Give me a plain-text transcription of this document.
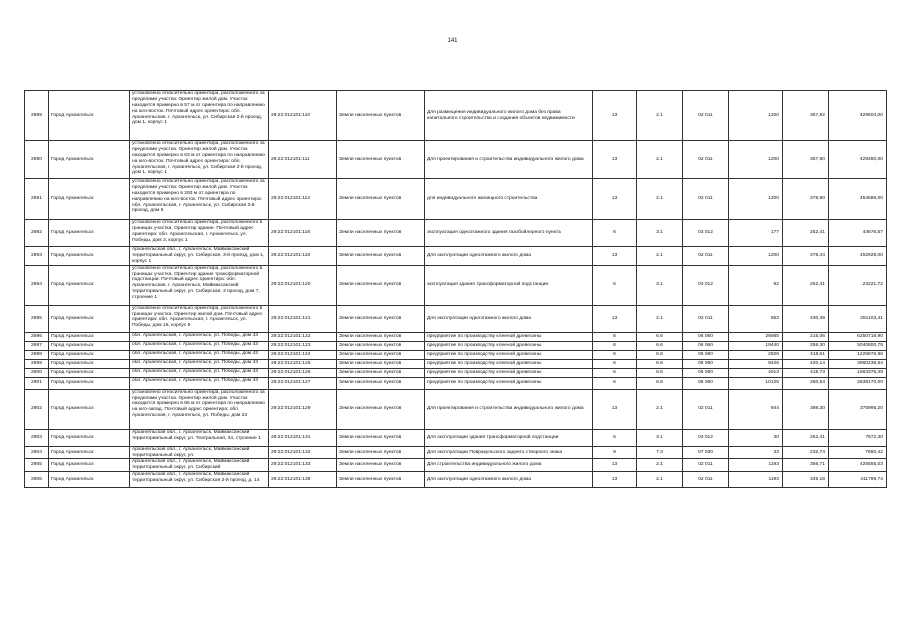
141
2889	Город Архангельск	установлено относительно ориентира, расположенного за пределами участка. Ориентир жилой дом. Участок находится примерно в 57 м от ориентира по направлению на юго-восток. Почтовый адрес ориентира: обл. Архангельская, г. Архангельск, ул. Сибирская 2-й проезд, дом 1, корпус 1	29:22:012101:110	Земли населенных пунктов	Для размещения индивидуального жилого дома без права капитального строительства и создания объектов недвижимости	13	2.1	02 011	1200	357,92	429504,00
2890	Город Архангельск	установлено относительно ориентира, расположенного за пределами участка. Ориентир жилой дом. Участок находится примерно в 63 м от ориентира по направлению на юго-восток. Почтовый адрес ориентира: обл. Архангельская, г. Архангельск, ул. Сибирская 2-й проезд, дом 1, корпус 1	29:22:012101:111	Земли населенных пунктов	Для проектирования и строительства индивидуального жилого дома	13	2.1	02 011	1200	357,90	429480,00
2891	Город Архангельск	установлено относительно ориентира, расположенного за пределами участка. Ориентир жилой дом. Участок находится примерно в 293 м от ориентира по направлению на юго-восток. Почтовый адрес ориентира: обл. Архангельская, г. Архангельск, ул. Сибирская 3-й проезд, дом 5	29:22:012101:112	Земли населенных пунктов	для индивидуального жилищного строительства	13	2.1	02 011	1200	378,90	454686,00
2892	Город Архангельск	установлено относительно ориентира, расположенного в границах участка. Ориентир здание. Почтовый адрес ориентира: обл. Архангельская, г. Архангельск, ул. Победы, дом 3, корпус 1	29:22:012101:116	Земли населенных пунктов	эксплуатация одноэтажного здания газобойлерного пункта	6	3.1	03 012	177	252,41	44676,57
2893	Город Архангельск	Архангельская обл., г. Архангельск, Маймаксанский территориальный округ, ул. Сибирская, 3-й проезд, дом 1, корпус 1	29:22:012101:118	Земли населенных пунктов	Для эксплуатации одноэтажного жилого дома	13	2.1	02 011	1200	378,44	452928,00
2894	Город Архангельск	установлено относительно ориентира, расположенного в границах участка. Ориентир здание трансформаторной подстанции. Почтовый адрес ориентира: обл. Архангельская, г. Архангельск, Маймаксанский территориальный округ, ул. Сибирская, 3 проезд, дом 7, строение 1	29:22:012101:120	Земли населенных пунктов	эксплуатация здания трансформаторной подстанции	6	3.1	03 012	92	252,41	23221,72
2895	Город Архангельск	установлено относительно ориентира, расположенного в границах участка. Ориентир жилой дом. Почтовый адрес ориентира: обл. Архангельская, г. Архангельск, ул. Победы, дом 16, корпус 5	29:22:012101:121	Земли населенных пунктов	Для эксплуатации одноэтажного жилого дома	13	2.1	02 011	653	430,49	281103,41
2896	Город Архангельск	обл. Архангельская, г. Архангельск, ул. Победы, дом 43	29:22:012101:122	Земли населенных пунктов	предприятие по производству клееной древесины	6	6.6	06 060	29065	215,06	6250718,90
2897	Город Архангельск	обл. Архангельская, г. Архангельск, ул. Победы, дом 43	29:22:012101:123	Земли населенных пунктов	предприятие по производству клееной древесины	6	6.6	06 060	19440	259,30	5040800,75
2898	Город Архангельск	обл. Архангельская, г. Архангельск, ул. Победы, дом 43	29:22:012101:124	Земли населенных пунктов	предприятие по производству клееной древесины	6	6.6	06 060	2926	418,61	1225876,96
2899	Город Архангельск	обл. Архангельская, г. Архангельск, ул. Победы, дом 43	29:22:012101:125	Земли населенных пунктов	предприятие по производству клееной древесины	6	6.6	06 060	9426	420,14	3960238,64
2900	Город Архангельск	обл. Архангельская, г. Архангельск, ул. Победы, дом 43	29:22:012101:126	Земли населенных пунктов	предприятие по производству клееной древесины	6	6.6	06 060	4013	419,73	1684376,49
2901	Город Архангельск	обл. Архангельская, г. Архангельск, ул. Победы, дом 43	29:22:012101:127	Земли населенных пунктов	предприятие по производству клееной древесины	6	6.6	06 060	10125	260,54	2638170,00
2902	Город Архангельск	установлено относительно ориентира, расположенного за пределами участка. Ориентир жилой дом. Участок находится примерно в 65 м от ориентира по направлению на юго-запад. Почтовый адрес ориентира: обл. Архангельская, г. Архангельск, ул. Победы, дом 23	29:22:012101:129	Земли населенных пунктов	Для проектирования и строительства индивидуального жилого дома	13	2.1	02 011	944	398,30	375995,20
2903	Город Архангельск	Архангельская обл., г. Архангельск, Маймаксанский территориальный округ, ул. Театральная, 34, строение 1	29:22:012101:131	Земли населенных пунктов	Для эксплуатации здания трансформаторной подстанции	6	3.1	03 012	30	252,41	7572,30
2904	Город Архангельск	Архангельская обл., г. Архангельск, Маймаксанский территориальный округ, ул.	29:22:012101:132	Земли населенных пунктов	Для эксплуатации Повракульского заднего створного знака	9	7.3	07 030	33	232,74	7680,42
2905	Город Архангельск	Архангельская обл., г. Архангельск, Маймаксанский территориальный округ, ул. Сибирский	29:22:012101:133	Земли населенных пунктов	Для строительства индивидуального жилого дома	13	2.1	02 011	1193	356,71	425555,03
2906	Город Архангельск	Архангельская обл., г. Архангельск, Маймаксанский территориальный округ, ул. Сибирская 2-й проезд, д. 14	29:22:012101:135	Земли населенных пунктов	Для эксплуатации одноэтажного жилого дома	13	2.1	02 011	1193	345,18	411799,74
